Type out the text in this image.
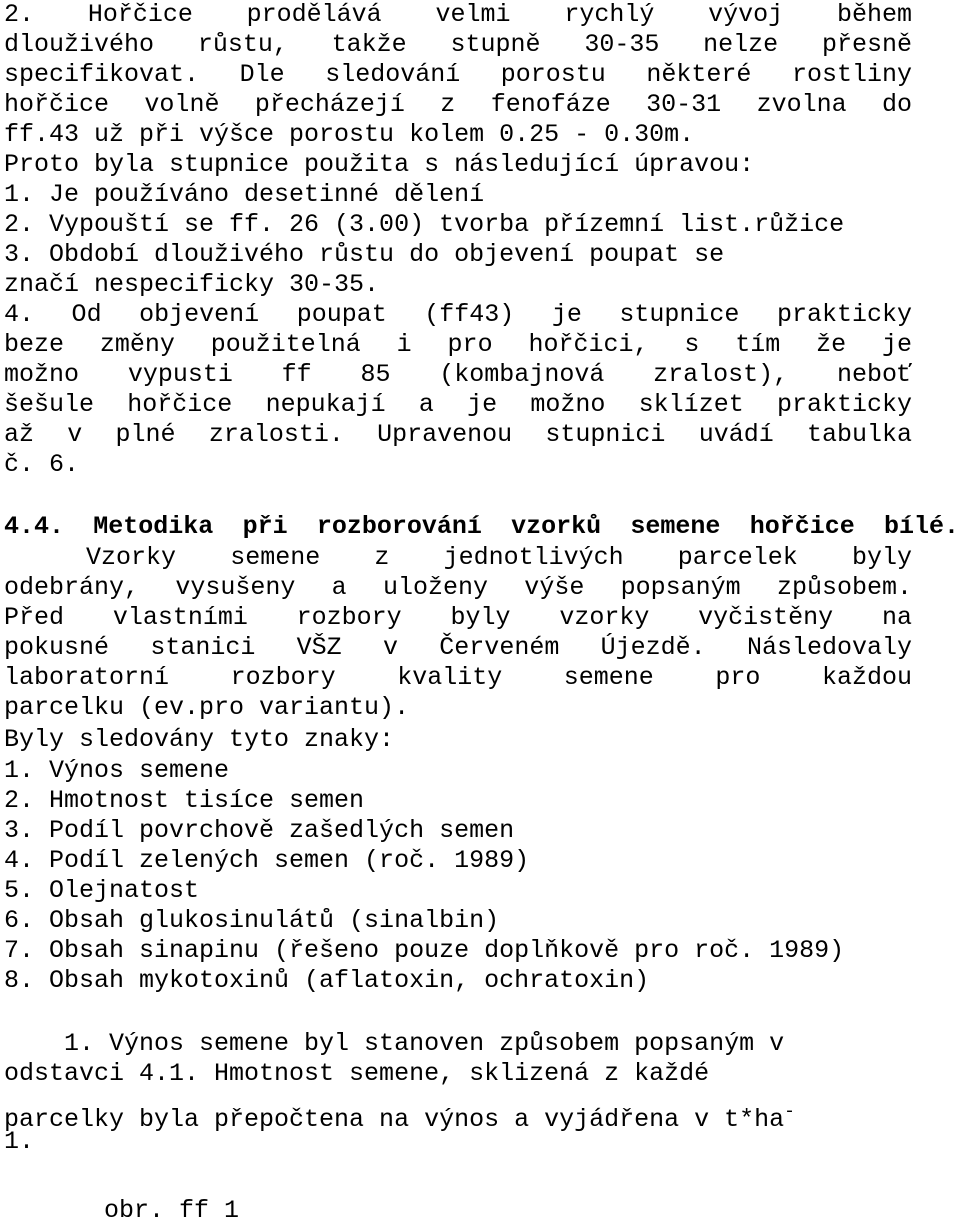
2. Hořčice prodělává velmi rychlý vývoj během
dlouživého růstu, takže stupně 30-35 nelze přesně
specifikovat. Dle sledování porostu některé rostliny
hořčice volně přecházejí z fenofáze 30-31 zvolna do
ff.43 už při výšce porostu kolem 0.25 - 0.30m.
Proto byla stupnice použita s následující úpravou:
1. Je používáno desetinné dělení
2. Vypouští se ff. 26 (3.00) tvorba přízemní list.růžice
3. Období dlouživého růstu do objevení poupat se
značí nespecificky 30-35.
4. Od objevení poupat (ff43) je stupnice prakticky
beze změny použitelná i pro hořčici, s tím že je
možno vypusti ff 85 (kombajnová zralost), neboť
šešule hořčice nepukají a je možno sklízet prakticky
až v plné zralosti. Upravenou stupnici uvádí tabulka
č. 6.
4.4. Metodika při rozborování vzorků semene hořčice bílé.
Vzorky semene z jednotlivých parcelek byly
odebrány, vysušeny a uloženy výše popsaným způsobem.
Před vlastními rozbory byly vzorky vyčistěny na
pokusné stanici VŠZ v Červeném Újezdě. Následovaly
laboratorní rozbory kvality semene pro každou
parcelku (ev.pro variantu).
Byly sledovány tyto znaky:
1. Výnos semene
2. Hmotnost tisíce semen
3. Podíl povrchově zašedlých semen
4. Podíl zelených semen (roč. 1989)
5. Olejnatost
6. Obsah glukosinulátů (sinalbin)
7. Obsah sinapinu (řešeno pouze doplňkově pro roč. 1989)
8. Obsah mykotoxinů (aflatoxin, ochratoxin)
1. Výnos semene byl stanoven způsobem popsaným v
odstavci 4.1. Hmotnost semene, sklizená z každé
parcelky byla přepočtena na výnos a vyjádřena v t*ha-
1.
obr. ff 1
